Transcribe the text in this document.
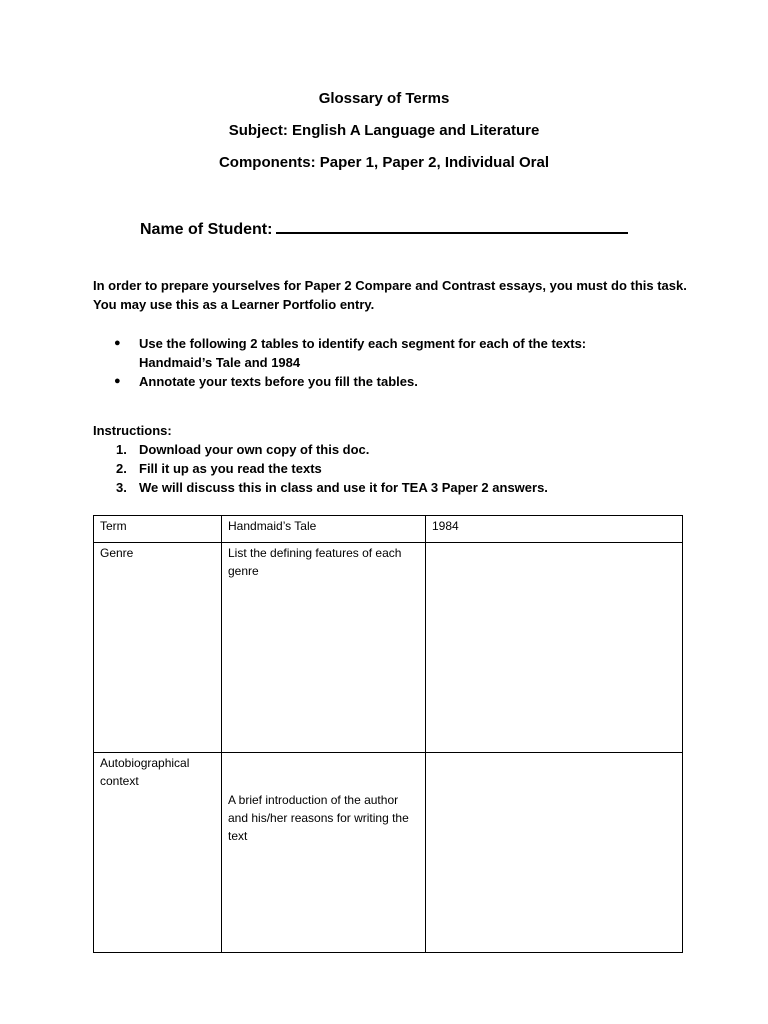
Glossary of Terms
Subject: English A Language and Literature
Components: Paper 1, Paper 2, Individual Oral
Name of Student:
In order to prepare yourselves for Paper 2 Compare and Contrast essays, you must do this task. You may use this as a Learner Portfolio entry.
● Use the following 2 tables to identify each segment for each of the texts: Handmaid’s Tale and 1984
● Annotate your texts before you fill the tables.
Instructions:
1. Download your own copy of this doc.
2. Fill it up as you read the texts
3. We will discuss this in class and use it for TEA 3 Paper 2 answers.
Term	Handmaid’s Tale	1984
Genre	List the defining features of each genre	
Autobiographical context	A brief introduction of the author and his/her reasons for writing the text	
